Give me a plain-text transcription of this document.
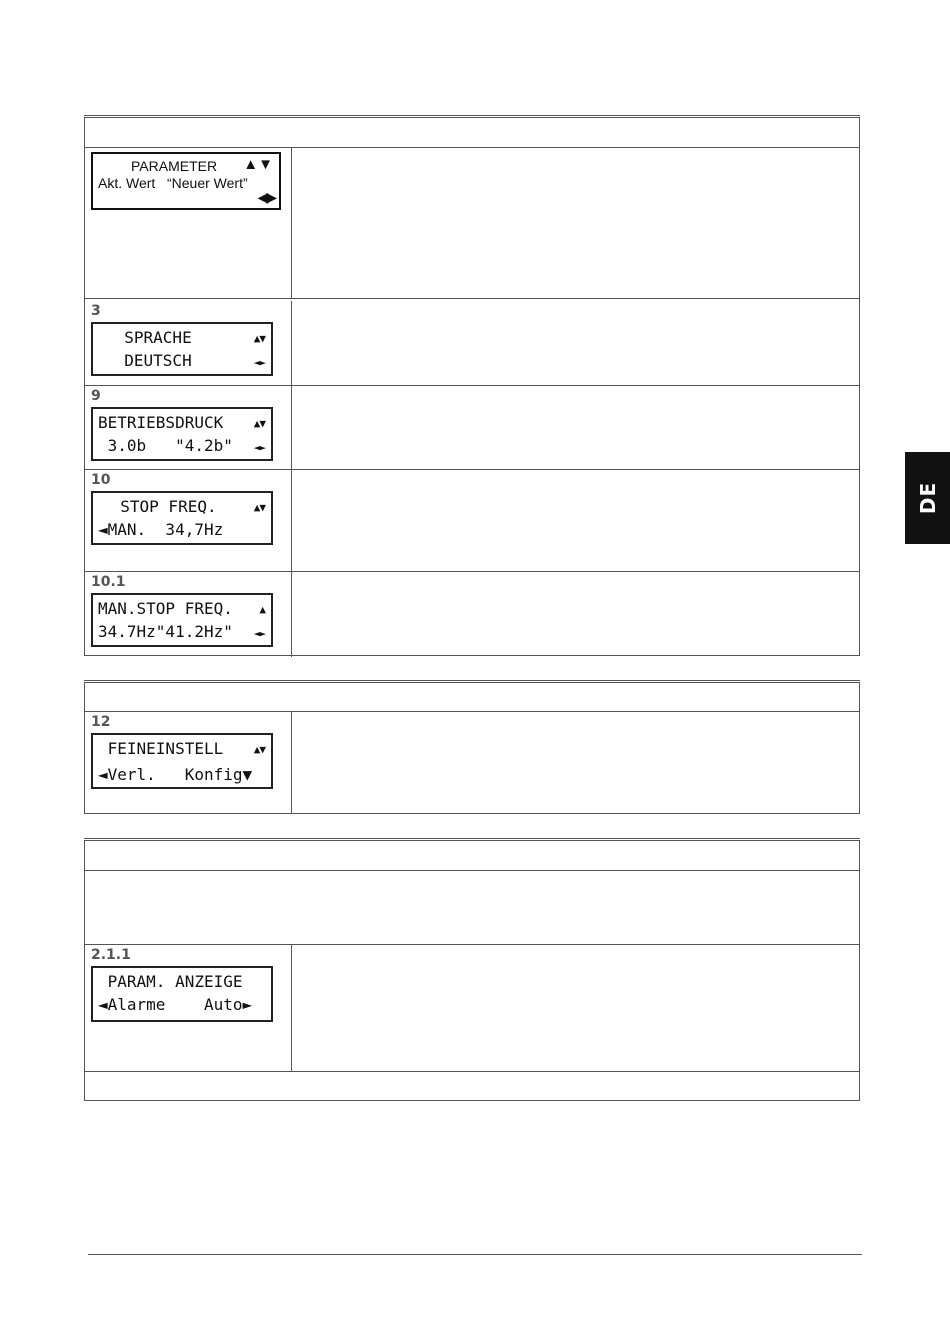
PARAMETER ▲▼
Akt. Wert   “Neuer Wert”
◀▶
3
SPRACHE	▲▼
DEUTSCH	◄►
9
BETRIEBSDRUCK	▲▼
3.0b   "4.2b"	◄►
10
STOP FREQ.	▲▼
◄MAN.  34,7Hz
10.1
MAN.STOP FREQ.	▲
34.7Hz"41.2Hz"	◄►
12
FEINEINSTELL	▲▼
◄Verl.   Konfig▼
2.1.1
PARAM. ANZEIGE
◄Alarme    Auto►
DE
